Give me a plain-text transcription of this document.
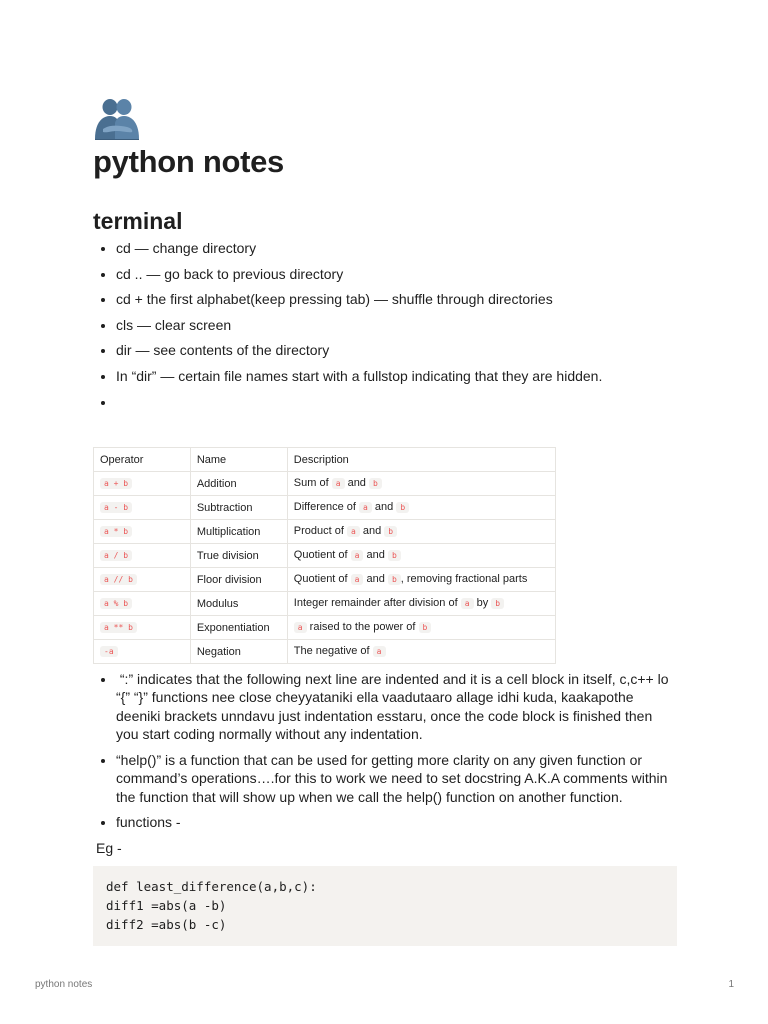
python notes
terminal
• cd — change directory
• cd .. — go back to previous directory
• cd + the first alphabet(keep pressing tab) — shuffle through directories
• cls — clear screen
• dir — see contents of the directory
• In “dir” — certain file names start with a fullstop indicating that they are hidden.
•
Operator	Name	Description
a + b	Addition	Sum of a and b
a - b	Subtraction	Difference of a and b
a * b	Multiplication	Product of a and b
a / b	True division	Quotient of a and b
a // b	Floor division	Quotient of a and b , removing fractional parts
a % b	Modulus	Integer remainder after division of a by b
a ** b	Exponentiation	a raised to the power of b
-a	Negation	The negative of a
•  “:” indicates that the following next line are indented and it is a cell block in itself, c,c++ lo “{” “}” functions nee close cheyyataniki ella vaadutaaro allage idhi kuda, kaakapothe deeniki brackets unndavu just indentation esstaru, once the code block is finished then you start coding normally without any indentation.
• “help()” is a function that can be used for getting more clarity on any given function or command’s operations….for this to work we need to set docstring A.K.A comments within the function that will show up when we call the help() function on another function.
• functions -
Eg -
def least_difference(a,b,c):
diff1 =abs(a -b)
diff2 =abs(b -c)
python notes	1
